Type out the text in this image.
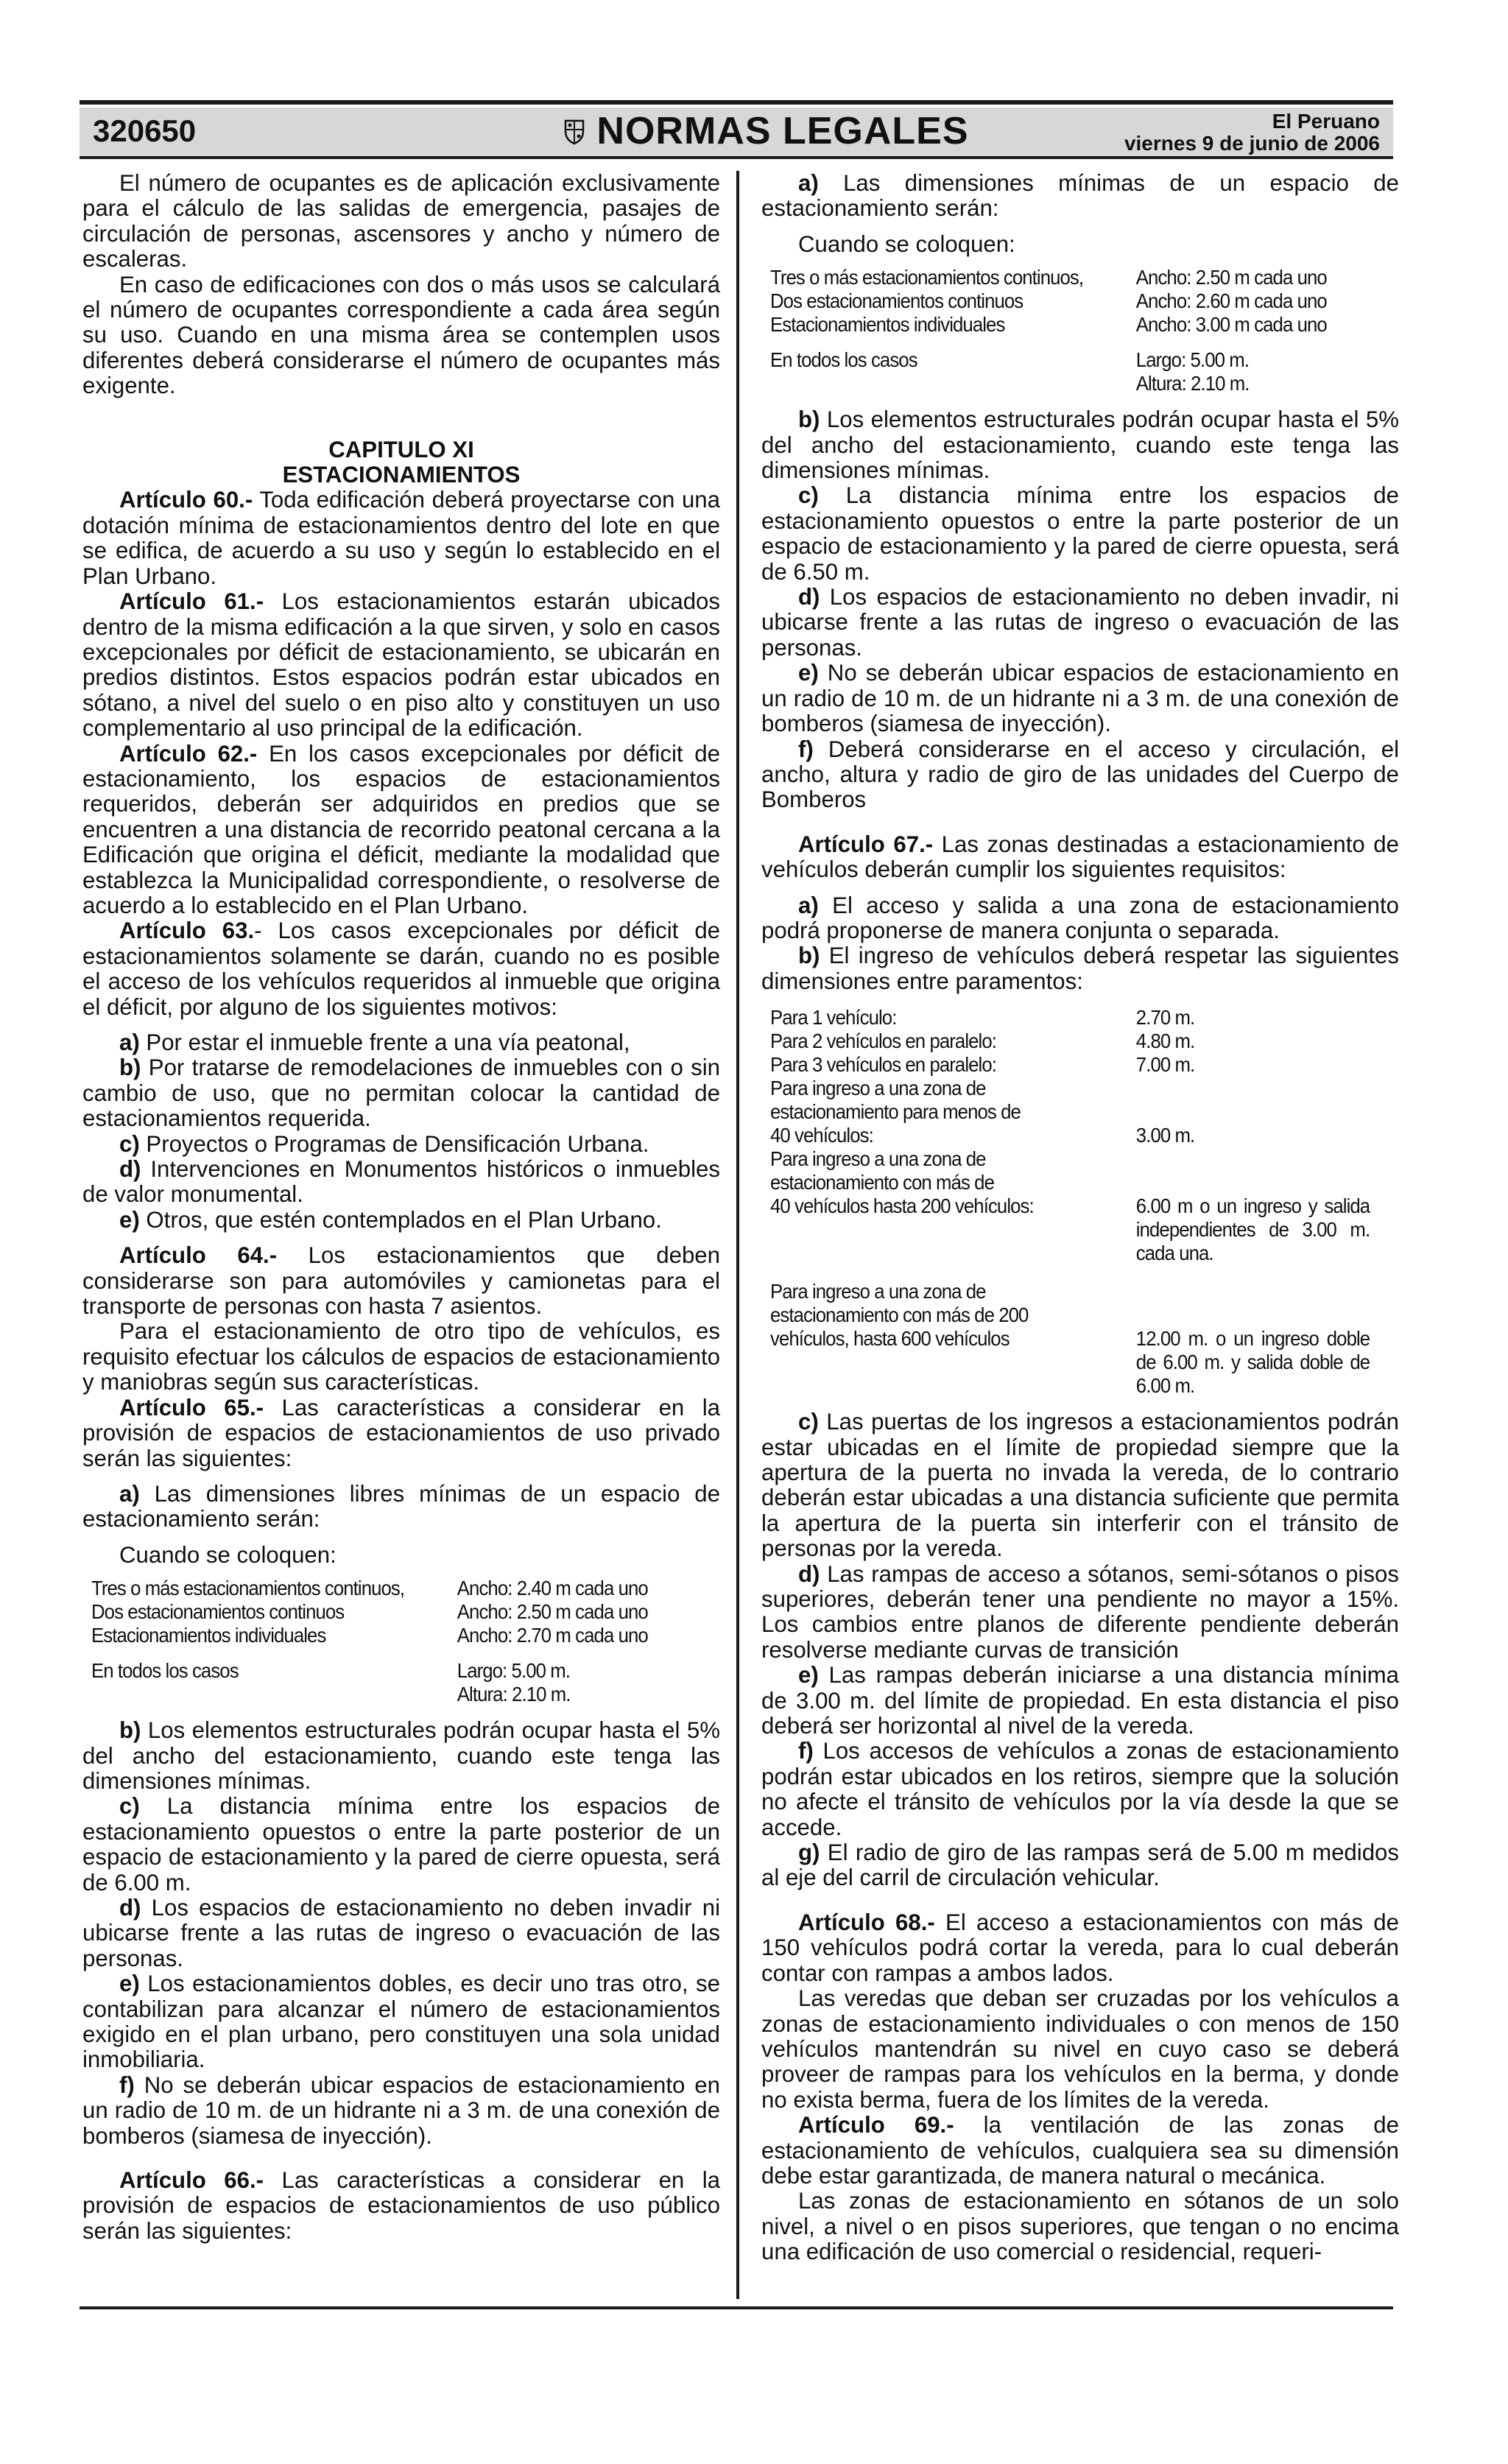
320650	NORMAS LEGALES	El Peruano
viernes 9 de junio de 2006

El número de ocupantes es de aplicación exclusivamente para el cálculo de las salidas de emergencia, pasajes de circulación de personas, ascensores y ancho y número de escaleras.

En caso de edificaciones con dos o más usos se calculará el número de ocupantes correspondiente a cada área según su uso. Cuando en una misma área se contemplen usos diferentes deberá considerarse el número de ocupantes más exigente.

CAPITULO XI
ESTACIONAMIENTOS

Artículo 60.- Toda edificación deberá proyectarse con una dotación mínima de estacionamientos dentro del lote en que se edifica, de acuerdo a su uso y según lo establecido en el Plan Urbano.

Artículo 61.- Los estacionamientos estarán ubicados dentro de la misma edificación a la que sirven, y solo en casos excepcionales por déficit de estacionamiento, se ubicarán en predios distintos. Estos espacios podrán estar ubicados en sótano, a nivel del suelo o en piso alto y constituyen un uso complementario al uso principal de la edificación.

Artículo 62.- En los casos excepcionales por déficit de estacionamiento, los espacios de estacionamientos requeridos, deberán ser adquiridos en predios que se encuentren a una distancia de recorrido peatonal cercana a la Edificación que origina el déficit, mediante la modalidad que establezca la Municipalidad correspondiente, o resolverse de acuerdo a lo establecido en el Plan Urbano.

Artículo 63.- Los casos excepcionales por déficit de estacionamientos solamente se darán, cuando no es posible el acceso de los vehículos requeridos al inmueble que origina el déficit, por alguno de los siguientes motivos:

a) Por estar el inmueble frente a una vía peatonal,

b) Por tratarse de remodelaciones de inmuebles con o sin cambio de uso, que no permitan colocar la cantidad de estacionamientos requerida.

c) Proyectos o Programas de Densificación Urbana.

d) Intervenciones en Monumentos históricos o inmuebles de valor monumental.

e) Otros, que estén contemplados en el Plan Urbano.

Artículo 64.- Los estacionamientos que deben considerarse son para automóviles y camionetas para el transporte de personas con hasta 7 asientos.

Para el estacionamiento de otro tipo de vehículos, es requisito efectuar los cálculos de espacios de estacionamiento y maniobras según sus características.

Artículo 65.- Las características a considerar en la provisión de espacios de estacionamientos de uso privado serán las siguientes:

a) Las dimensiones libres mínimas de un espacio de estacionamiento serán:

Cuando se coloquen:

Tres o más estacionamientos continuos,	Ancho: 2.40 m cada uno
Dos estacionamientos continuos	Ancho: 2.50 m cada uno
Estacionamientos individuales	Ancho: 2.70 m cada uno
En todos los casos	Largo: 5.00 m.
Altura: 2.10 m.

b) Los elementos estructurales podrán ocupar hasta el 5% del ancho del estacionamiento, cuando este tenga las dimensiones mínimas.

c) La distancia mínima entre los espacios de estacionamiento opuestos o entre la parte posterior de un espacio de estacionamiento y la pared de cierre opuesta, será de 6.00 m.

d) Los espacios de estacionamiento no deben invadir ni ubicarse frente a las rutas de ingreso o evacuación de las personas.

e) Los estacionamientos dobles, es decir uno tras otro, se contabilizan para alcanzar el número de estacionamientos exigido en el plan urbano, pero constituyen una sola unidad inmobiliaria.

f) No se deberán ubicar espacios de estacionamiento en un radio de 10 m. de un hidrante ni a 3 m. de una conexión de bomberos (siamesa de inyección).

Artículo 66.- Las características a considerar en la provisión de espacios de estacionamientos de uso público serán las siguientes:

a) Las dimensiones mínimas de un espacio de estacionamiento serán:

Cuando se coloquen:

Tres o más estacionamientos continuos,	Ancho: 2.50 m cada uno
Dos estacionamientos continuos	Ancho: 2.60 m cada uno
Estacionamientos individuales	Ancho: 3.00 m cada uno
En todos los casos	Largo: 5.00 m.
Altura: 2.10 m.

b) Los elementos estructurales podrán ocupar hasta el 5% del ancho del estacionamiento, cuando este tenga las dimensiones mínimas.

c) La distancia mínima entre los espacios de estacionamiento opuestos o entre la parte posterior de un espacio de estacionamiento y la pared de cierre opuesta, será de 6.50 m.

d) Los espacios de estacionamiento no deben invadir, ni ubicarse frente a las rutas de ingreso o evacuación de las personas.

e) No se deberán ubicar espacios de estacionamiento en un radio de 10 m. de un hidrante ni a 3 m. de una conexión de bomberos (siamesa de inyección).

f) Deberá considerarse en el acceso y circulación, el ancho, altura y radio de giro de las unidades del Cuerpo de Bomberos

Artículo 67.- Las zonas destinadas a estacionamiento de vehículos deberán cumplir los siguientes requisitos:

a) El acceso y salida a una zona de estacionamiento podrá proponerse de manera conjunta o separada.

b) El ingreso de vehículos deberá respetar las siguientes dimensiones entre paramentos:

Para 1 vehículo:	2.70 m.
Para 2 vehículos en paralelo:	4.80 m.
Para 3 vehículos en paralelo:	7.00 m.
Para ingreso a una zona de
estacionamiento para menos de
40 vehículos:	3.00 m.
Para ingreso a una zona de
estacionamiento con más de
40 vehículos hasta 200 vehículos:	6.00 m o un ingreso y salida independientes de 3.00 m. cada una.
Para ingreso a una zona de
estacionamiento con más de 200
vehículos, hasta 600 vehículos	12.00 m. o un ingreso doble de 6.00 m. y salida doble de 6.00 m.

c) Las puertas de los ingresos a estacionamientos podrán estar ubicadas en el límite de propiedad siempre que la apertura de la puerta no invada la vereda, de lo contrario deberán estar ubicadas a una distancia suficiente que permita la apertura de la puerta sin interferir con el tránsito de personas por la vereda.

d) Las rampas de acceso a sótanos, semi-sótanos o pisos superiores, deberán tener una pendiente no mayor a 15%. Los cambios entre planos de diferente pendiente deberán resolverse mediante curvas de transición

e) Las rampas deberán iniciarse a una distancia mínima de 3.00 m. del límite de propiedad. En esta distancia el piso deberá ser horizontal al nivel de la vereda.

f) Los accesos de vehículos a zonas de estacionamiento podrán estar ubicados en los retiros, siempre que la solución no afecte el tránsito de vehículos por la vía desde la que se accede.

g) El radio de giro de las rampas será de 5.00 m medidos al eje del carril de circulación vehicular.

Artículo 68.- El acceso a estacionamientos con más de 150 vehículos podrá cortar la vereda, para lo cual deberán contar con rampas a ambos lados.

Las veredas que deban ser cruzadas por los vehículos a zonas de estacionamiento individuales o con menos de 150 vehículos mantendrán su nivel en cuyo caso se deberá proveer de rampas para los vehículos en la berma, y donde no exista berma, fuera de los límites de la vereda.

Artículo 69.- la ventilación de las zonas de estacionamiento de vehículos, cualquiera sea su dimensión debe estar garantizada, de manera natural o mecánica.

Las zonas de estacionamiento en sótanos de un solo nivel, a nivel o en pisos superiores, que tengan o no encima una edificación de uso comercial o residencial, requeri-
